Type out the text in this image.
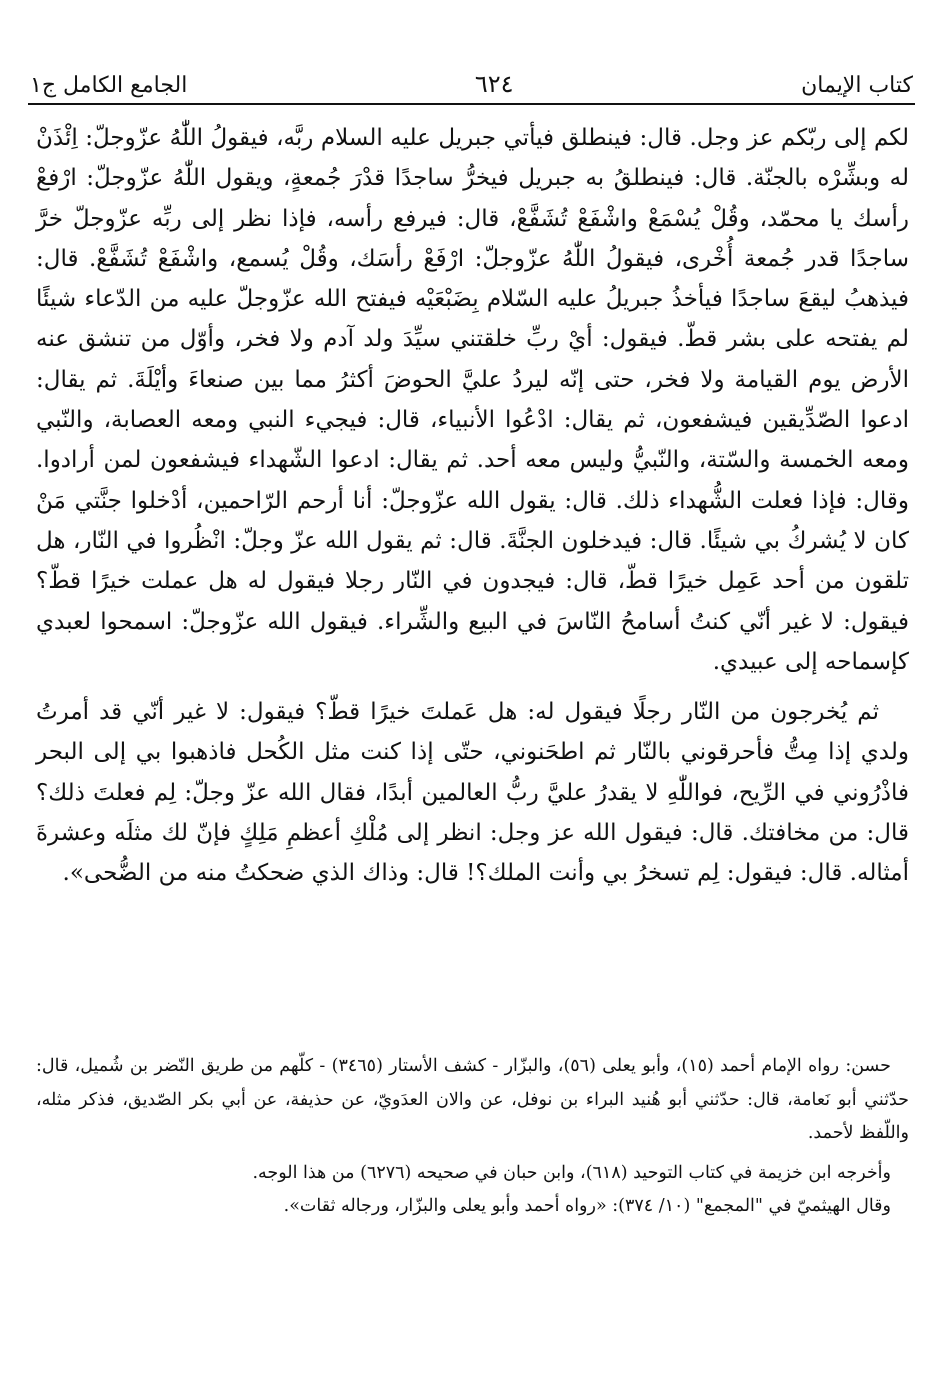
كتاب الإيمان
٦٢٤
الجامع الكامل ج١

لكم إلى ربّكم عز وجل. قال: فينطلق فيأتي جبريل عليه السلام ربَّه، فيقولُ اللّٰهُ عزّوجلّ: اِئْذَنْ له وبشِّرْه بالجنّة. قال: فينطلقُ به جبريل فيخرُّ ساجدًا قدْرَ جُمعةٍ، ويقول اللّٰهُ عزّوجلّ: ارْفعْ رأسك يا محمّد، وقُلْ يُسْمَعْ واشْفَعْ تُشَفَّعْ، قال: فيرفع رأسه، فإذا نظر إلى ربِّه عزّوجلّ خرَّ ساجدًا قدر جُمعة أُخْرى، فيقولُ اللّٰهُ عزّوجلّ: ارْفَعْ رأسَك، وقُلْ يُسمع، واشْفَعْ تُشَفَّعْ. قال: فيذهبُ ليقعَ ساجدًا فيأخذُ جبريلُ عليه السّلام بِضَبْعَيْه فيفتح الله عزّوجلّ عليه من الدّعاء شيئًا لم يفتحه على بشر قطّ. فيقول: أيْ ربِّ خلقتني سيِّدَ ولد آدم ولا فخر، وأوّل من تنشق عنه الأرض يوم القيامة ولا فخر، حتى إنّه ليردُ عليَّ الحوضَ أكثرُ مما بين صنعاءَ وأيْلَةَ. ثم يقال: ادعوا الصّدِّيقين فيشفعون، ثم يقال: ادْعُوا الأنبياء، قال: فيجيء النبي ومعه العصابة، والنّبي ومعه الخمسة والسّتة، والنّبيُّ وليس معه أحد. ثم يقال: ادعوا الشّهداء فيشفعون لمن أرادوا. وقال: فإذا فعلت الشُّهداء ذلك. قال: يقول الله عزّوجلّ: أنا أرحم الرّاحمين، أدْخلوا جنَّتي مَنْ كان لا يُشركُ بي شيئًا. قال: فيدخلون الجنَّةَ. قال: ثم يقول الله عزّ وجلّ: انْظُروا في النّار، هل تلقون من أحد عَمِل خيرًا قطّ، قال: فيجدون في النّار رجلا فيقول له هل عملت خيرًا قطّ؟ فيقول: لا غير أنّي كنتُ أسامحُ النّاسَ في البيع والشِّراء. فيقول الله عزّوجلّ: اسمحوا لعبدي كإسماحه إلى عبيدي.

ثم يُخرجون من النّار رجلًا فيقول له: هل عَملتَ خيرًا قطّ؟ فيقول: لا غير أنّي قد أمرتُ ولدي إذا مِتُّ فأحرقوني بالنّار ثم اطحَنوني، حتّى إذا كنت مثل الكُحل فاذهبوا بي إلى البحر فاذْرُوني في الرِّيح، فواللّٰهِ لا يقدرُ عليَّ ربُّ العالمين أبدًا، فقال الله عزّ وجلّ: لِم فعلتَ ذلك؟ قال: من مخافتك. قال: فيقول الله عز وجل: انظر إلى مُلْكِ أعظمِ مَلِكٍ فإنّ لك مثلَه وعشرةَ أمثاله. قال: فيقول: لِم تسخرُ بي وأنت الملك؟! قال: وذاك الذي ضحكتُ منه من الضُّحى».

حسن: رواه الإمام أحمد (١٥)، وأبو يعلى (٥٦)، والبزّار - كشف الأستار (٣٤٦٥) - كلّهم من طريق النّضر بن شُميل، قال: حدّثني أبو نَعامة، قال: حدّثني أبو هُنيد البراء بن نوفل، عن والان العدَويّ، عن حذيفة، عن أبي بكر الصّديق، فذكر مثله، واللّفظ لأحمد.

وأخرجه ابن خزيمة في كتاب التوحيد (٦١٨)، وابن حبان في صحيحه (٦٢٧٦) من هذا الوجه.

وقال الهيثميّ في "المجمع" (١٠/ ٣٧٤): «رواه أحمد وأبو يعلى والبزّار، ورجاله ثقات».
